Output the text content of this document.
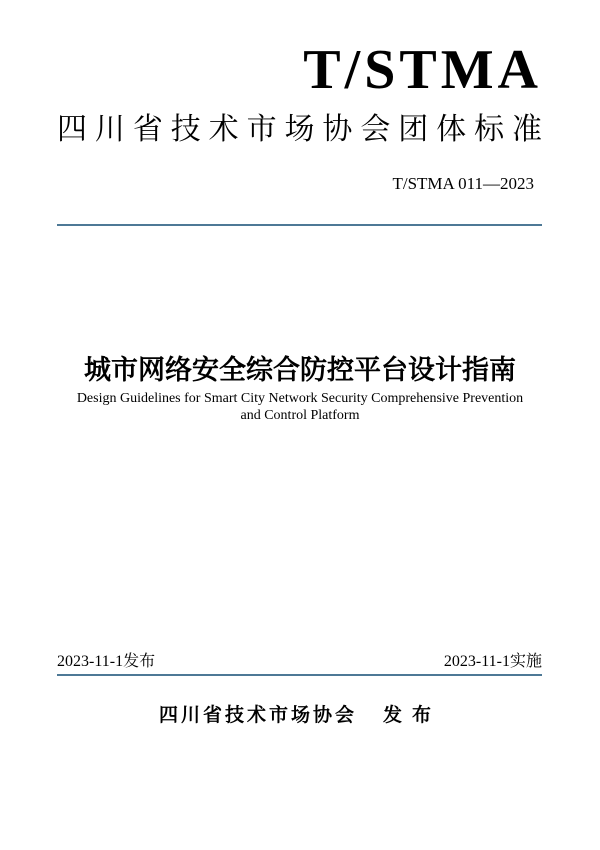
T/STMA
四川省技术市场协会团体标准
T/STMA 011—2023
城市网络安全综合防控平台设计指南
Design Guidelines for Smart City Network Security Comprehensive Prevention
and Control Platform
2023-11-1发布	2023-11-1实施
四川省技术市场协会 发布
